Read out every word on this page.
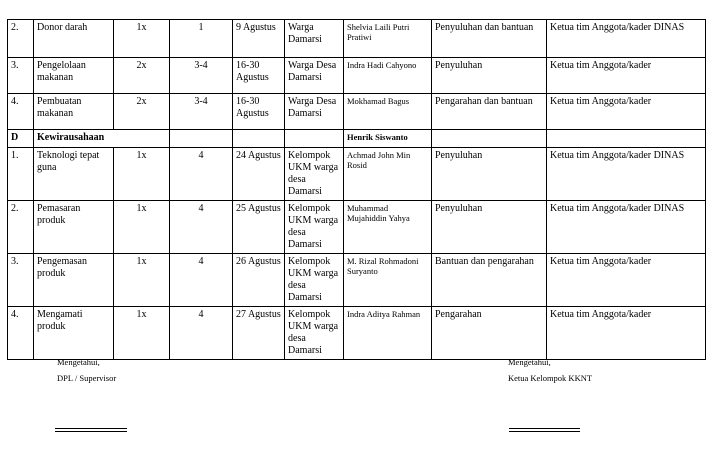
2.	Donor darah	1x	1	9 Agustus	Warga Damarsi	Shelvia Laili Putri Pratiwi	Penyuluhan dan bantuan	Ketua tim Anggota/kader DINAS
3.	Pengelolaan makanan	2x	3-4	16-30 Agustus	Warga Desa Damarsi	Indra Hadi Cahyono	Penyuluhan	Ketua tim Anggota/kader
4.	Pembuatan makanan	2x	3-4	16-30 Agustus	Warga Desa Damarsi	Mokhamad Bagus	Pengarahan dan bantuan	Ketua tim Anggota/kader
D	Kewirausahaan					Henrik Siswanto		
1.	Teknologi tepat guna	1x	4	24 Agustus	Kelompok UKM warga desa Damarsi	Achmad John Min Rosid	Penyuluhan	Ketua tim Anggota/kader DINAS
2.	Pemasaran produk	1x	4	25 Agustus	Kelompok UKM warga desa Damarsi	Muhammad Mujahiddin Yahya	Penyuluhan	Ketua tim Anggota/kader DINAS
3.	Pengemasan produk	1x	4	26 Agustus	Kelompok UKM warga desa Damarsi	M. Rizal Rohmadoni Suryanto	Bantuan dan pengarahan	Ketua tim Anggota/kader
4.	Mengamati produk	1x	4	27 Agustus	Kelompok UKM warga desa Damarsi	Indra Aditya Rahman	Pengarahan	Ketua tim Anggota/kader
Mengetahui,
DPL / Supervisor
Mengetahui,
Ketua Kelompok KKNT
